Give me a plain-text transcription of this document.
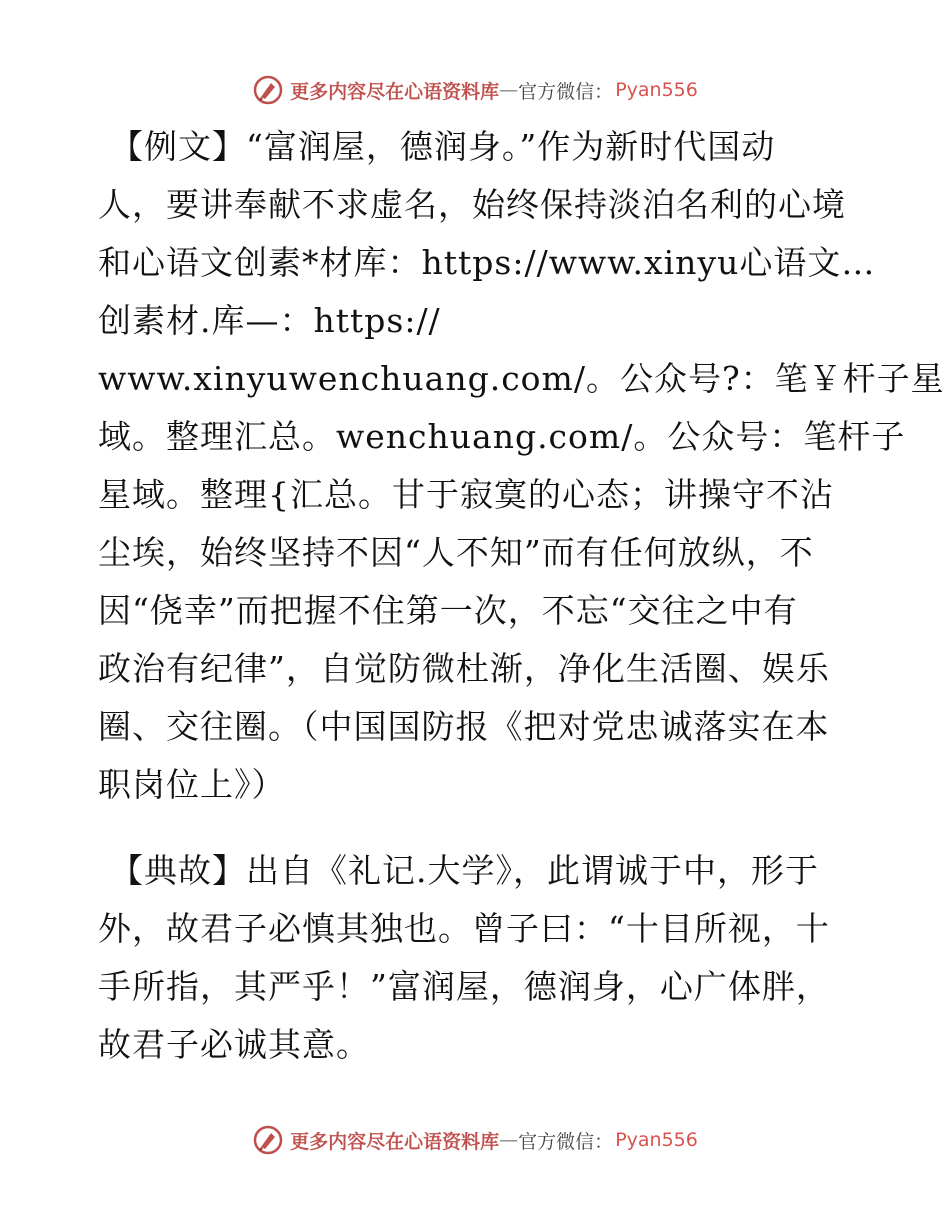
更多内容尽在心语资料库 — 官方微信： Pyan556
【例文】“富润屋，德润身。”作为新时代国动
人，要讲奉献不求虚名，始终保持淡泊名利的心境
和心语文创素*材库：https://www.xinyu心语文…
创素材.库—：https://
www.xinyuwenchuang.com/。公众号?：笔￥杆子星
域。整理汇总。wenchuang.com/。公众号：笔杆子
星域。整理{汇总。甘于寂寞的心态；讲操守不沾
尘埃，始终坚持不因“人不知”而有任何放纵，不
因“侥幸”而把握不住第一次，不忘“交往之中有
政治有纪律”，自觉防微杜渐，净化生活圈、娱乐
圈、交往圈。（中国国防报《把对党忠诚落实在本
职岗位上》）
【典故】出自《礼记.大学》，此谓诚于中，形于
外，故君子必慎其独也。曾子曰：“十目所视，十
手所指，其严乎！”富润屋，德润身，心广体胖，
故君子必诚其意。
更多内容尽在心语资料库 — 官方微信： Pyan556
